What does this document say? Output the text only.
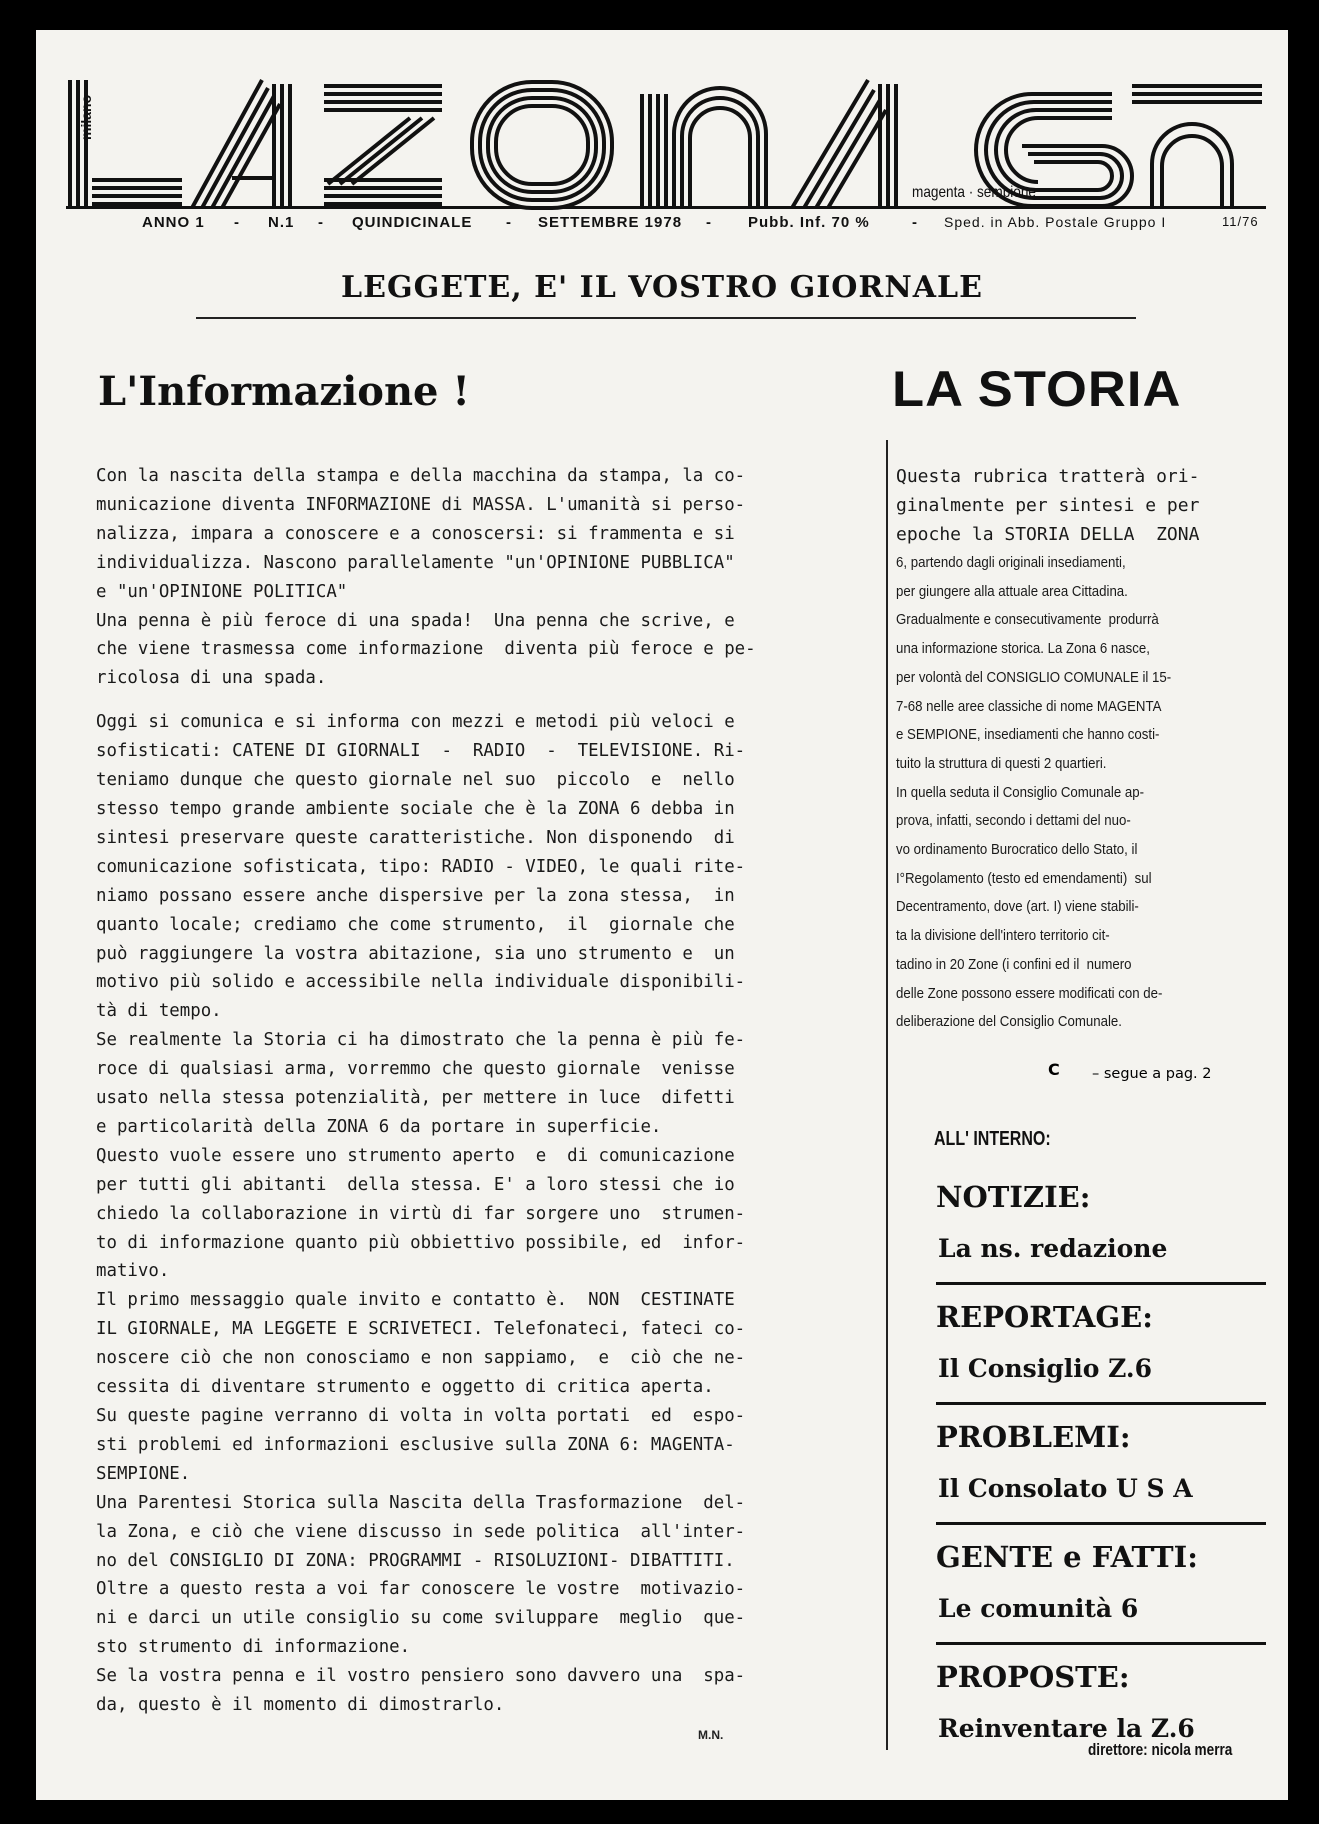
milano
magenta · sempione
ANNO 1 - N.1 - QUINDICINALE - SETTEMBRE 1978 - Pubb. Inf. 70 %	- Sped. in Abb. Postale Gruppo I	11/76
LEGGETE, E' IL VOSTRO GIORNALE
L'Informazione !	LA STORIA

Con la nascita della stampa e della macchina da stampa, la co-

municazione diventa INFORMAZIONE di MASSA. L'umanità si perso-

nalizza, impara a conoscere e a conoscersi: si frammenta e si

individualizza. Nascono parallelamente "un'OPINIONE PUBBLICA"

e "un'OPINIONE POLITICA"

Una penna è più feroce di una spada!  Una penna che scrive, e

che viene trasmessa come informazione  diventa più feroce e pe-

ricolosa di una spada.

Oggi si comunica e si informa con mezzi e metodi più veloci e

sofisticati: CATENE DI GIORNALI  -  RADIO  -  TELEVISIONE. Ri-

teniamo dunque che questo giornale nel suo  piccolo  e  nello

stesso tempo grande ambiente sociale che è la ZONA 6 debba in

sintesi preservare queste caratteristiche. Non disponendo  di

comunicazione sofisticata, tipo: RADIO - VIDEO, le quali rite-

niamo possano essere anche dispersive per la zona stessa,  in

quanto locale; crediamo che come strumento,  il  giornale che

può raggiungere la vostra abitazione, sia uno strumento e  un

motivo più solido e accessibile nella individuale disponibili-

tà di tempo.

Se realmente la Storia ci ha dimostrato che la penna è più fe-

roce di qualsiasi arma, vorremmo che questo giornale  venisse

usato nella stessa potenzialità, per mettere in luce  difetti

e particolarità della ZONA 6 da portare in superficie.

Questo vuole essere uno strumento aperto  e  di comunicazione

per tutti gli abitanti  della stessa. E' a loro stessi che io

chiedo la collaborazione in virtù di far sorgere uno  strumen-

to di informazione quanto più obbiettivo possibile, ed  infor-

mativo.

Il primo messaggio quale invito e contatto è.  NON  CESTINATE

IL GIORNALE, MA LEGGETE E SCRIVETECI. Telefonateci, fateci co-

noscere ciò che non conosciamo e non sappiamo,  e  ciò che ne-

cessita di diventare strumento e oggetto di critica aperta.

Su queste pagine verranno di volta in volta portati  ed  espo-

sti problemi ed informazioni esclusive sulla ZONA 6: MAGENTA-

SEMPIONE.

Una Parentesi Storica sulla Nascita della Trasformazione  del-

la Zona, e ciò che viene discusso in sede politica  all'inter-

no del CONSIGLIO DI ZONA: PROGRAMMI - RISOLUZIONI- DIBATTITI.

Oltre a questo resta a voi far conoscere le vostre  motivazio-

ni e darci un utile consiglio su come sviluppare  meglio  que-

sto strumento di informazione.

Se la vostra penna e il vostro pensiero sono davvero una  spa-

da, questo è il momento di dimostrarlo.

M.N.
Questa rubrica tratterà ori-
ginalmente per sintesi e per
epoche la STORIA DELLA  ZONA
6, partendo dagli originali insediamenti,
per giungere alla attuale area Cittadina.
Gradualmente e consecutivamente  produrrà
una informazione storica. La Zona 6 nasce,
per volontà del CONSIGLIO COMUNALE il 15-
7-68 nelle aree classiche di nome MAGENTA
e SEMPIONE, insediamenti che hanno costi-
tuito la struttura di questi 2 quartieri.
In quella seduta il Consiglio Comunale ap-
prova, infatti, secondo i dettami del nuo-
vo ordinamento Burocratico dello Stato, il
I°Regolamento (testo ed emendamenti)  sul
Decentramento, dove (art. I) viene stabili-
ta la divisione dell'intero territorio cit-
tadino in 20 Zone (i confini ed il  numero
delle Zone possono essere modificati con de-
deliberazione del Consiglio Comunale.
C – segue a pag. 2
ALL' INTERNO:
NOTIZIE:
La ns. redazione
REPORTAGE:
Il Consiglio Z.6
PROBLEMI:
Il Consolato U S A
GENTE e FATTI:
Le comunità 6
PROPOSTE:
Reinventare la Z.6
direttore: nicola merra
